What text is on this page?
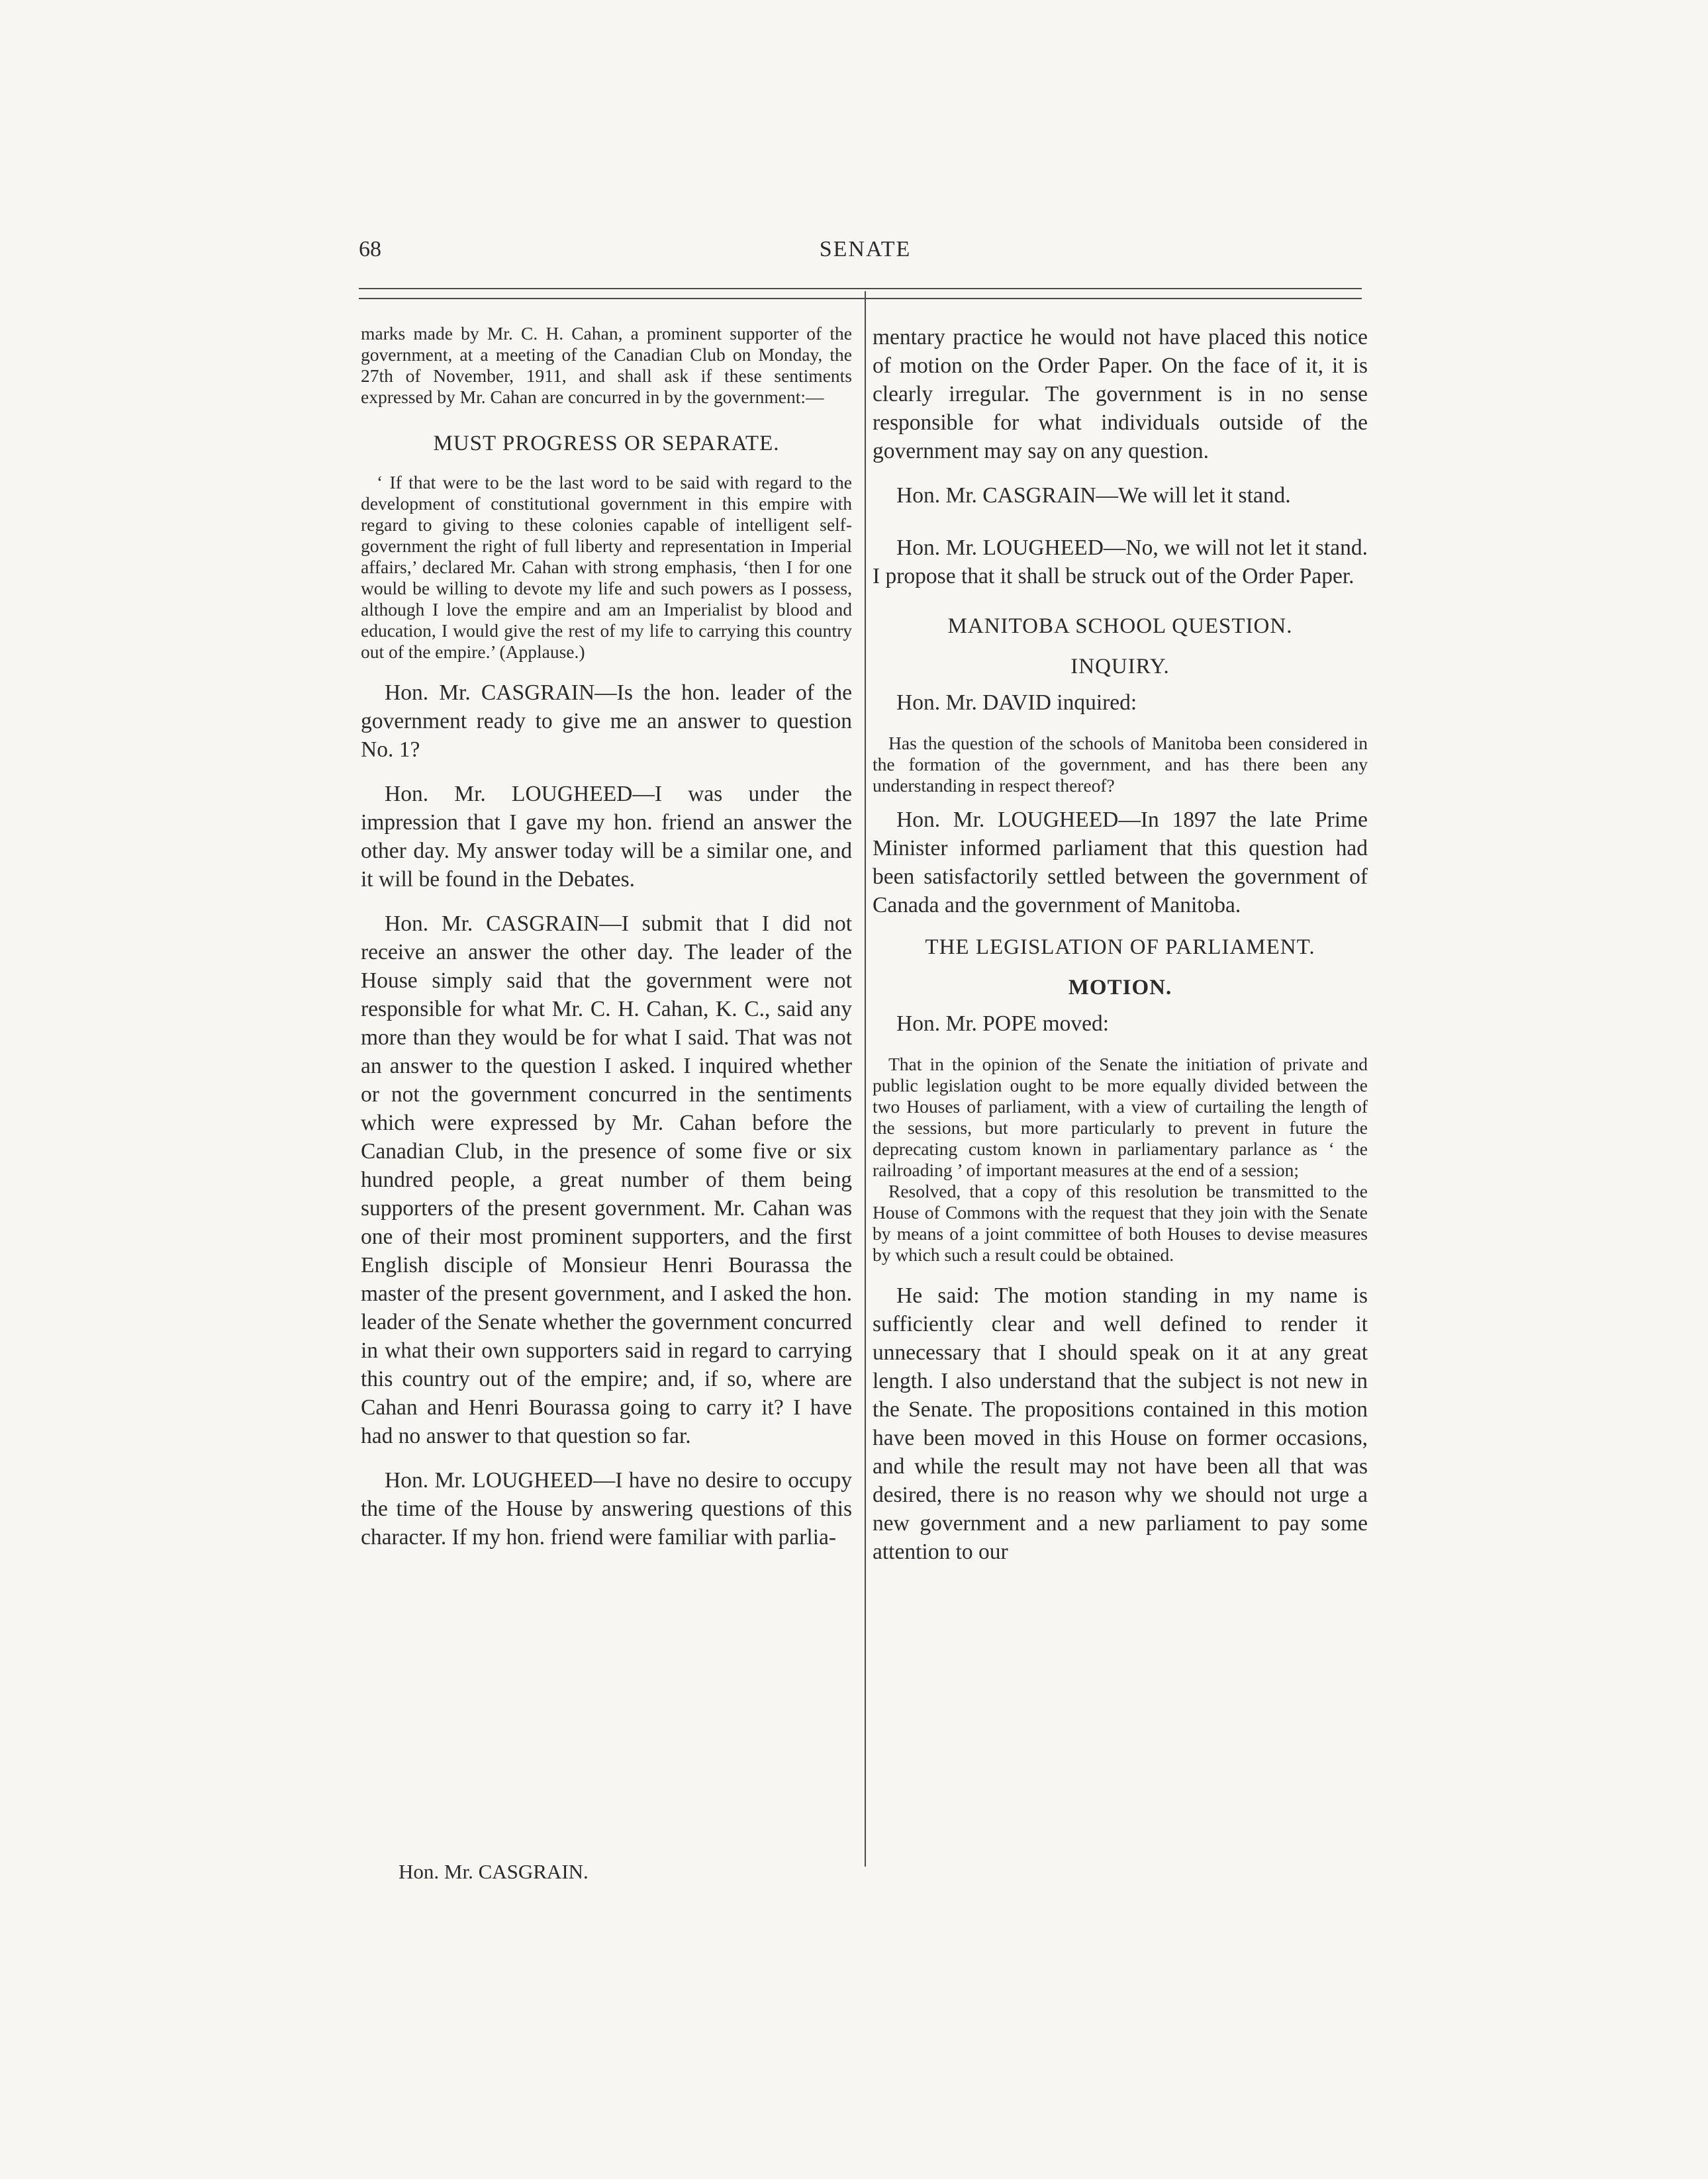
68	SENATE

marks made by Mr. C. H. Cahan, a prominent supporter of the government, at a meeting of the Canadian Club on Monday, the 27th of November, 1911, and shall ask if these sentiments expressed by Mr. Cahan are concurred in by the government:—

MUST PROGRESS OR SEPARATE.

‘ If that were to be the last word to be said with regard to the development of constitutional government in this empire with regard to giving to these colonies capable of intelligent self-government the right of full liberty and representation in Imperial affairs,’ declared Mr. Cahan with strong emphasis, ‘then I for one would be willing to devote my life and such powers as I possess, although I love the empire and am an Imperialist by blood and education, I would give the rest of my life to carrying this country out of the empire.’ (Applause.)

Hon. Mr. CASGRAIN—Is the hon. leader of the government ready to give me an answer to question No. 1?

Hon. Mr. LOUGHEED—I was under the impression that I gave my hon. friend an answer the other day. My answer today will be a similar one, and it will be found in the Debates.

Hon. Mr. CASGRAIN—I submit that I did not receive an answer the other day. The leader of the House simply said that the government were not responsible for what Mr. C. H. Cahan, K. C., said any more than they would be for what I said. That was not an answer to the question I asked. I inquired whether or not the government concurred in the sentiments which were expressed by Mr. Cahan before the Canadian Club, in the presence of some five or six hundred people, a great number of them being supporters of the present government. Mr. Cahan was one of their most prominent supporters, and the first English disciple of Monsieur Henri Bourassa the master of the present government, and I asked the hon. leader of the Senate whether the government concurred in what their own supporters said in regard to carrying this country out of the empire; and, if so, where are Cahan and Henri Bourassa going to carry it? I have had no answer to that question so far.

Hon. Mr. LOUGHEED—I have no desire to occupy the time of the House by answering questions of this character. If my hon. friend were familiar with parlia-

mentary practice he would not have placed this notice of motion on the Order Paper. On the face of it, it is clearly irregular. The government is in no sense responsible for what individuals outside of the government may say on any question.

Hon. Mr. CASGRAIN—We will let it stand.

Hon. Mr. LOUGHEED—No, we will not let it stand. I propose that it shall be struck out of the Order Paper.

MANITOBA SCHOOL QUESTION.

INQUIRY.

Hon. Mr. DAVID inquired:

Has the question of the schools of Manitoba been considered in the formation of the government, and has there been any understanding in respect thereof?

Hon. Mr. LOUGHEED—In 1897 the late Prime Minister informed parliament that this question had been satisfactorily settled between the government of Canada and the government of Manitoba.

THE LEGISLATION OF PARLIAMENT.

MOTION.

Hon. Mr. POPE moved:

That in the opinion of the Senate the initiation of private and public legislation ought to be more equally divided between the two Houses of parliament, with a view of curtailing the length of the sessions, but more particularly to prevent in future the deprecating custom known in parliamentary parlance as ‘ the railroading ’ of important measures at the end of a session;

Resolved, that a copy of this resolution be transmitted to the House of Commons with the request that they join with the Senate by means of a joint committee of both Houses to devise measures by which such a result could be obtained.

He said: The motion standing in my name is sufficiently clear and well defined to render it unnecessary that I should speak on it at any great length. I also understand that the subject is not new in the Senate. The propositions contained in this motion have been moved in this House on former occasions, and while the result may not have been all that was desired, there is no reason why we should not urge a new government and a new parliament to pay some attention to our

Hon. Mr. CASGRAIN.
